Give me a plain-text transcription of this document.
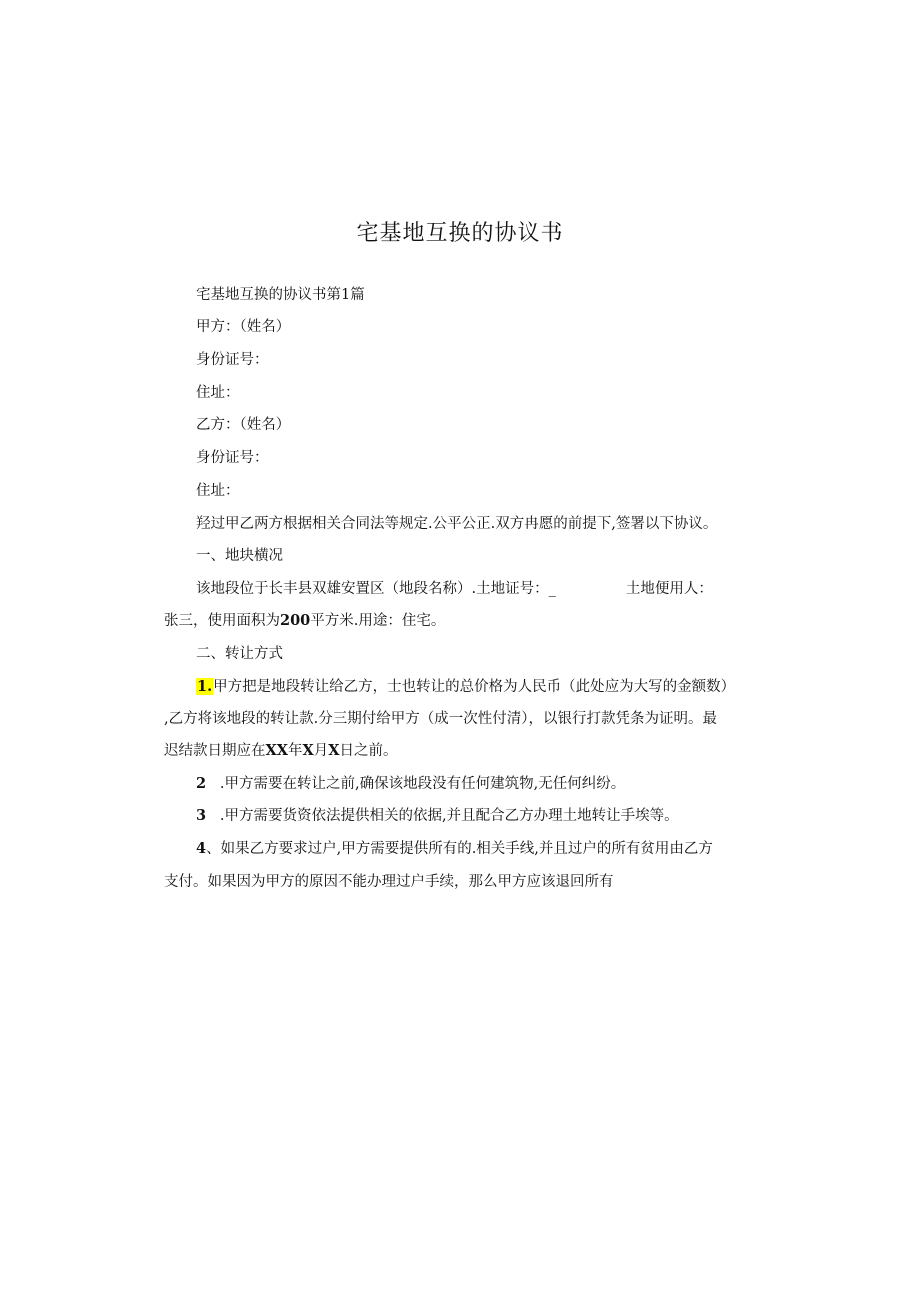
宅基地互换的协议书
宅基地互换的协议书第1篇
甲方：（姓名）
身份证号：
住址：
乙方：（姓名）
身份证号：
住址：
羟过甲乙两方根据相关合同法等规定.公平公正.双方冉愿的前提下,签署以下协议。
一、地块横况
该地段位于长丰县双雄安置区（地段名称）.土地证号：_	土地便用人：
张三，使用面积为200平方米.用途：住宅。
二、转让方式
1.甲方把是地段转让给乙方，士也转让的总价格为人民币（此处应为大写的金额数）
,乙方将该地段的转让款.分三期付给甲方（成一次性付清），以银行打款凭条为证明。最
迟结款日期应在XX年X月X日之前。
2 .甲方需要在转让之前,确保该地段没有任何建筑物,无任何纠纷。
3 .甲方需要货资依法提供相关的依据,并且配合乙方办理土地转让手埃等。
4、如果乙方要求过户,甲方需要提供所有的.相关手线,并且过户的所有贫用由乙方
支付。如果因为甲方的原因不能办理过户手续，那么甲方应该退回所有
